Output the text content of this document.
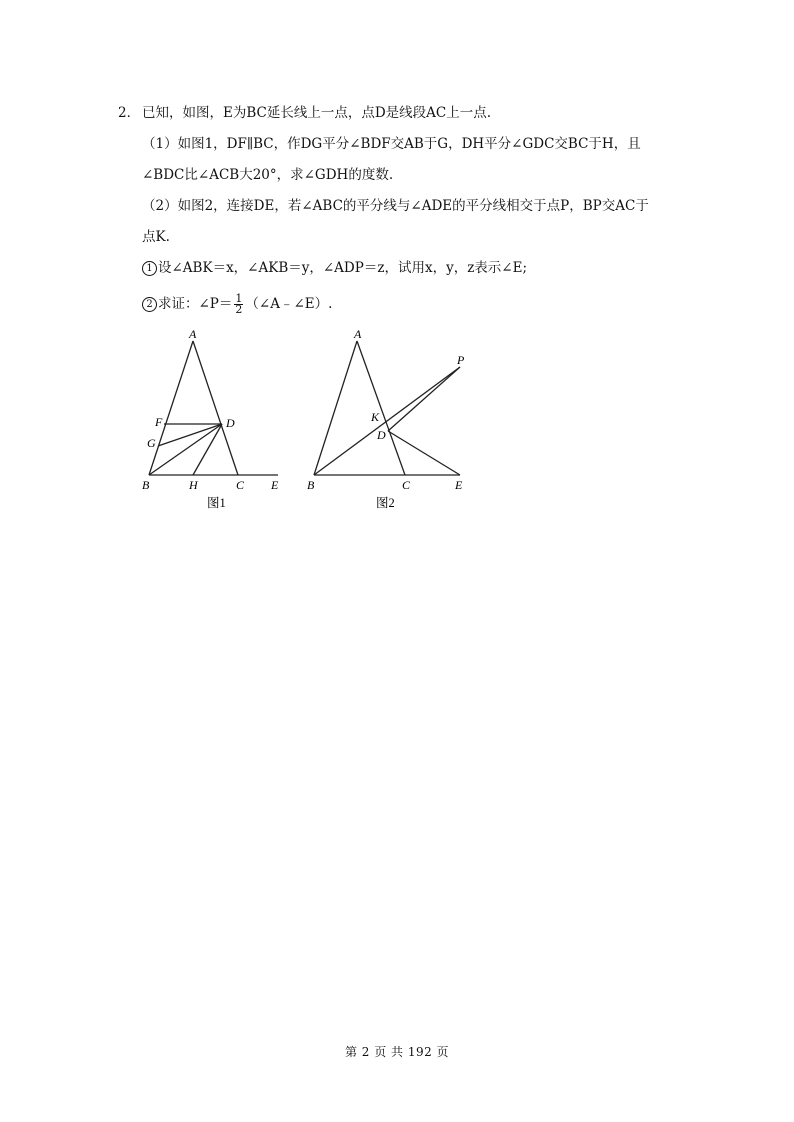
2． 已知，如图，E为BC延长线上一点，点D是线段AC上一点.
（1）如图1，DF∥BC，作DG平分∠BDF交AB于G，DH平分∠GDC交BC于H，且
∠BDC比∠ACB大20°，求∠GDH的度数.
（2）如图2，连接DE，若∠ABC的平分线与∠ADE的平分线相交于点P，BP交AC于
点K.
1 设∠ABK＝x，∠AKB＝y，∠ADP＝z，试用x，y，z表示∠E;
2 求证：∠P＝ $\frac{1}{2}$ （∠A﹣∠E）.
A
F	D
G
B	H	C E
图1
A
P
K
D
B	C	E
图2
第 2 页 共 192 页
